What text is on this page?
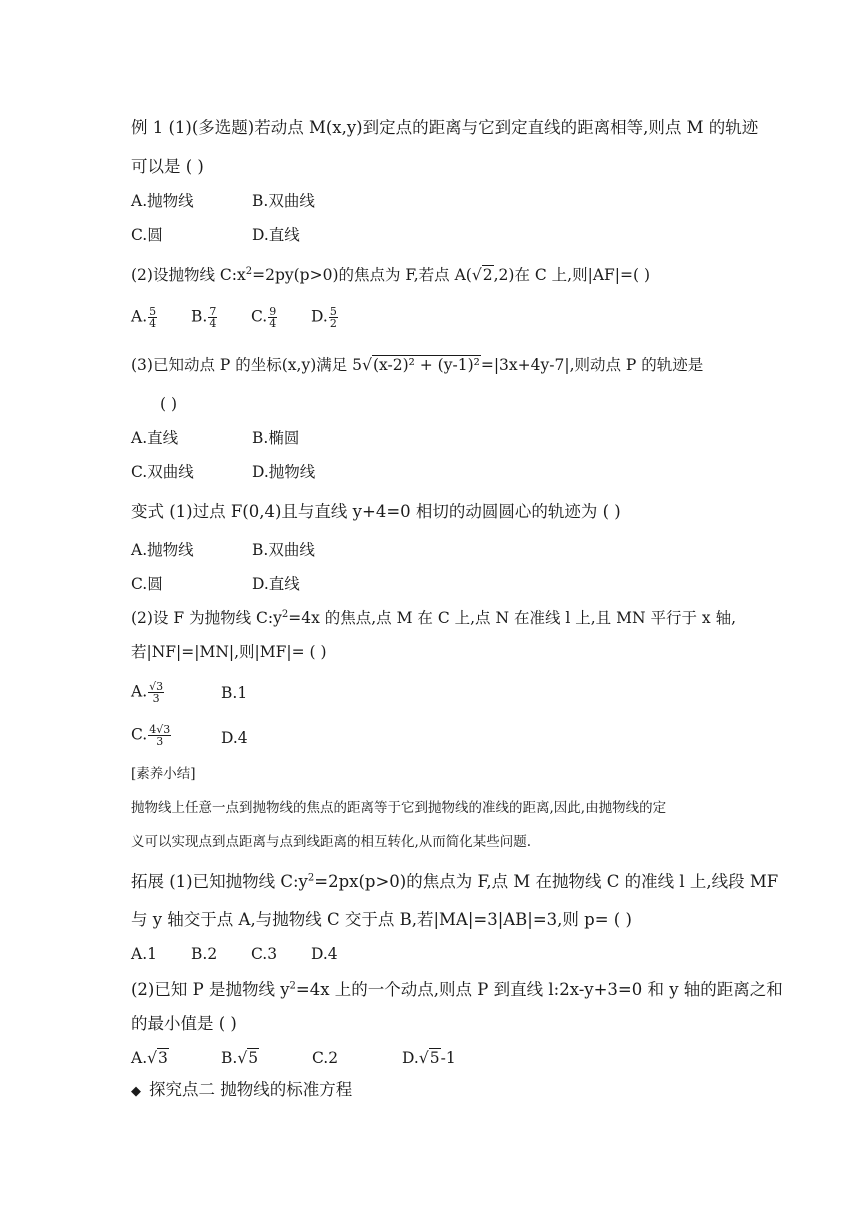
例 1 (1)(多选题)若动点 M(x,y)到定点的距离与它到定直线的距离相等,则点 M 的轨迹
可以是 ( )
A.抛物线	B.双曲线
C.圆	D.直线
(2)设抛物线 $C:x^2=2py(p>0)$的焦点为 F,若点 A(√2,2)在 C 上,则|AF|=( )
A. $\frac{5}{4} B$. $\frac{7}{4} C$. $\frac{9}{4} D$. $\frac{5}{2}$
(3)已知动点 P 的坐标(x,y)满足 5√(x-2)² + (y-1)²=|3x+4y-7|,则动点 P 的轨迹是
( )
A.直线	B.椭圆
C.双曲线	D.抛物线
变式 (1)过点 F(0,4)且与直线 y+4=0 相切的动圆圆心的轨迹为 ( )
A.抛物线	B.双曲线
C.圆	D.直线
(2)设 F 为抛物线 $C:y^2=4x$ 的焦点,点 M 在 C 上,点 N 在准线 l 上,且 MN 平行于 x 轴,
若|NF|=|MN|,则|MF|= ( )
A. $\frac{√3}{3}$	B.1
C. $\frac{4√3}{3}$	D.4
[素养小结]
抛物线上任意一点到抛物线的焦点的距离等于它到抛物线的准线的距离,因此,由抛物线的定
义可以实现点到点距离与点到线距离的相互转化,从而简化某些问题.
拓展 (1)已知抛物线 $C:y^2=2px(p>0)$的焦点为 F,点 M 在抛物线 C 的准线 l 上,线段 MF
与 y 轴交于点 A,与抛物线 C 交于点 B,若|MA|=3|AB|=3,则 p= ( )
A.1 B.2 C.3 D.4
(2)已知 P 是抛物线 $y^2=4x$ 上的一个动点,则点 P 到直线 l:2x-y+3=0 和 y 轴的距离之和
的最小值是 ( )
A.√3	B.√5	C.2	D.√5-1
◆ 探究点二 抛物线的标准方程
